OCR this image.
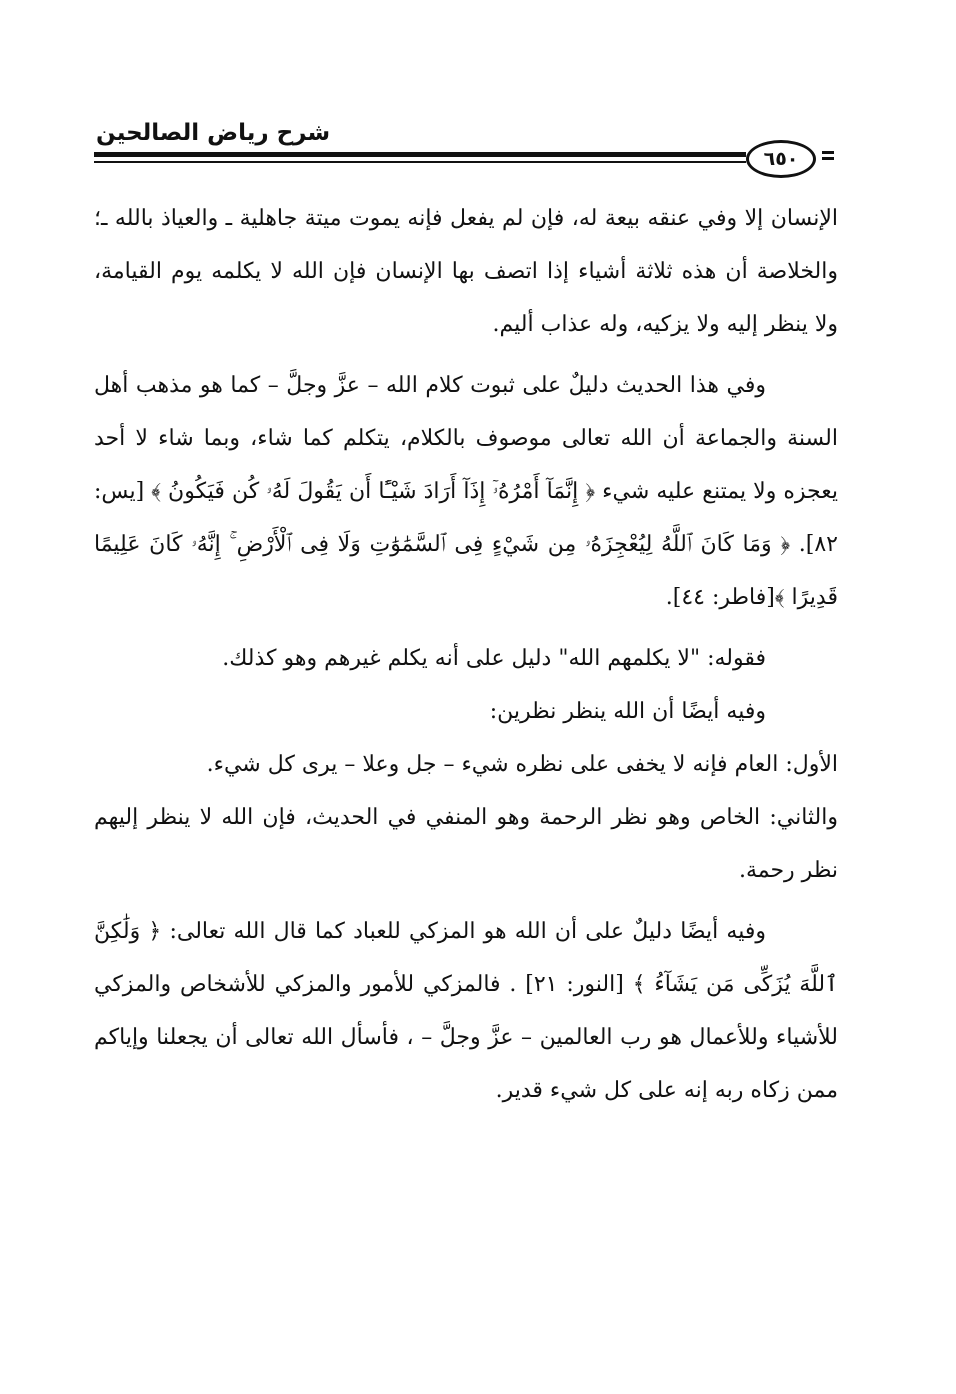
شرح رياض الصالحين
٦٥٠

الإنسان إلا وفي عنقه بيعة له، فإن لم يفعل فإنه يموت ميتة جاهلية ـ والعياذ بالله ـ؛ والخلاصة أن هذه ثلاثة أشياء إذا اتصف بها الإنسان فإن الله لا يكلمه يوم القيامة، ولا ينظر إليه ولا يزكيه، وله عذاب أليم.

وفي هذا الحديث دليلٌ على ثبوت كلام الله – عزَّ وجلَّ – كما هو مذهب أهل السنة والجماعة أن الله تعالى موصوف بالكلام، يتكلم كما شاء، وبما شاء لا أحد يعجزه ولا يمتنع عليه شيء ﴿ إِنَّمَآ أَمْرُهُۥٓ إِذَآ أَرَادَ شَيْـًٔا أَن يَقُولَ لَهُۥ كُن فَيَكُونُ ﴾ [يس: ٨٢]. ﴿ وَمَا كَانَ ٱللَّهُ لِيُعْجِزَهُۥ مِن شَيْءٍ فِى ٱلسَّمَٰوَٰتِ وَلَا فِى ٱلْأَرْضِ ۚ إِنَّهُۥ كَانَ عَلِيمًا قَدِيرًا ﴾[فاطر: ٤٤].

فقوله: "لا يكلمهم الله" دليل على أنه يكلم غيرهم وهو كذلك.

وفيه أيضًا أن الله ينظر نظرين:

الأول: العام فإنه لا يخفى على نظره شيء – جل وعلا – يرى كل شيء.

والثاني: الخاص وهو نظر الرحمة وهو المنفي في الحديث، فإن الله لا ينظر إليهم نظر رحمة.

وفيه أيضًا دليلٌ على أن الله هو المزكي للعباد كما قال الله تعالى: ﴿ وَلَٰكِنَّ ٱللَّهَ يُزَكِّى مَن يَشَآءُ ﴾ [النور: ٢١] . فالمزكي للأمور والمزكي للأشخاص والمزكي للأشياء وللأعمال هو رب العالمين – عزَّ وجلَّ – ، فأسأل الله تعالى أن يجعلنا وإياكم ممن زكاه ربه إنه على كل شيء قدير.
